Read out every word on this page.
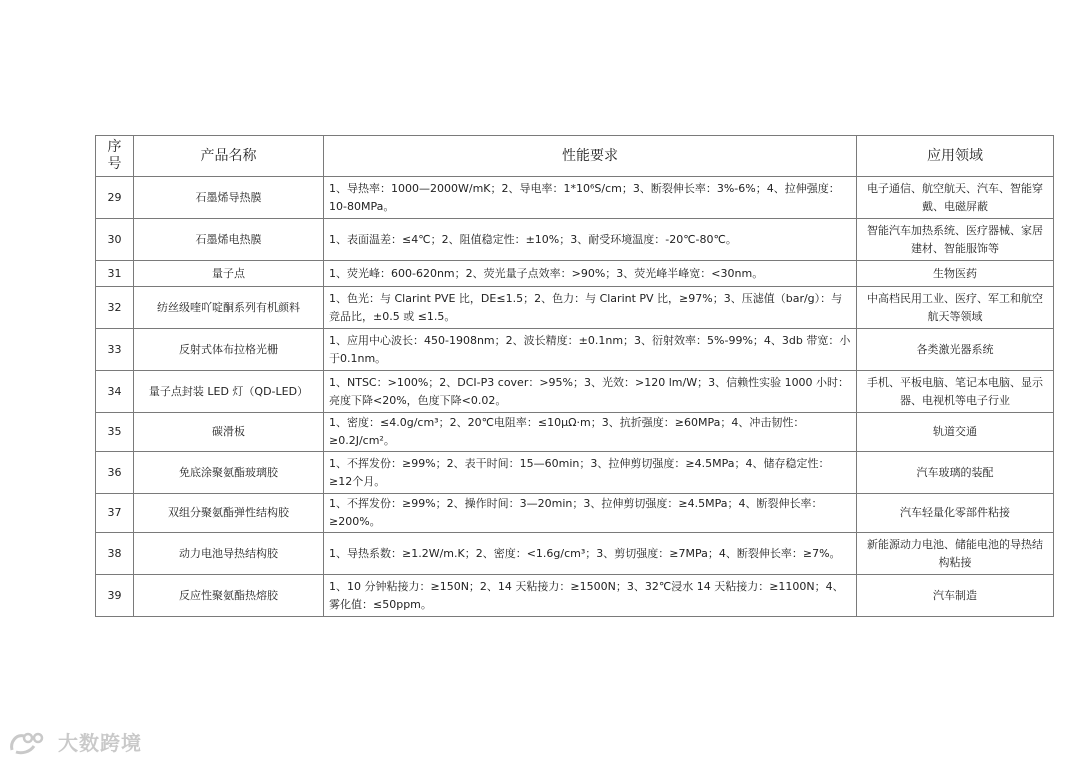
序
号	产品名称	性能要求	应用领域
29	石墨烯导热膜	1、导热率：1000—2000W/mK；2、导电率：1*10⁶S/cm；3、断裂伸长率：3%-6%；4、拉伸强度：10-80MPa。	电子通信、航空航天、汽车、智能穿戴、电磁屏蔽
30	石墨烯电热膜	1、表面温差：≤4℃；2、阻值稳定性：±10%；3、耐受环境温度：-20℃-80℃。	智能汽车加热系统、医疗器械、家居建材、智能服饰等
31	量子点	1、荧光峰：600-620nm；2、荧光量子点效率：>90%；3、荧光峰半峰宽：<30nm。	生物医药
32	纺丝级喹吖啶酮系列有机颜料	1、色光：与 Clarint PVE 比，DE≤1.5；2、色力：与 Clarint PV 比，≥97%；3、压滤值（bar/g）：与竞品比，±0.5 或 ≤1.5。	中高档民用工业、医疗、军工和航空航天等领域
33	反射式体布拉格光栅	1、应用中心波长：450-1908nm；2、波长精度：±0.1nm；3、衍射效率：5%-99%；4、3db 带宽：小于0.1nm。	各类激光器系统
34	量子点封装 LED 灯（QD-LED）	1、NTSC：>100%；2、DCI-P3 cover：>95%；3、光效：>120 lm/W；3、信赖性实验 1000 小时：亮度下降<20%，色度下降<0.02。	手机、平板电脑、笔记本电脑、显示器、电视机等电子行业
35	碳滑板	1、密度：≤4.0g/cm³；2、20℃电阻率：≤10μΩ·m；3、抗折强度：≥60MPa；4、冲击韧性：≥0.2J/cm²。	轨道交通
36	免底涂聚氨酯玻璃胶	1、不挥发份：≥99%；2、表干时间：15—60min；3、拉伸剪切强度：≥4.5MPa；4、储存稳定性：≥12个月。	汽车玻璃的装配
37	双组分聚氨酯弹性结构胶	1、不挥发份：≥99%；2、操作时间：3—20min；3、拉伸剪切强度：≥4.5MPa；4、断裂伸长率：≥200%。	汽车轻量化零部件粘接
38	动力电池导热结构胶	1、导热系数：≥1.2W/m.K；2、密度：<1.6g/cm³；3、剪切强度：≥7MPa；4、断裂伸长率：≥7%。	新能源动力电池、储能电池的导热结构粘接
39	反应性聚氨酯热熔胶	1、10 分钟粘接力：≥150N；2、14 天粘接力：≥1500N；3、32℃浸水 14 天粘接力：≥1100N；4、雾化值：≤50ppm。	汽车制造
大数跨境
